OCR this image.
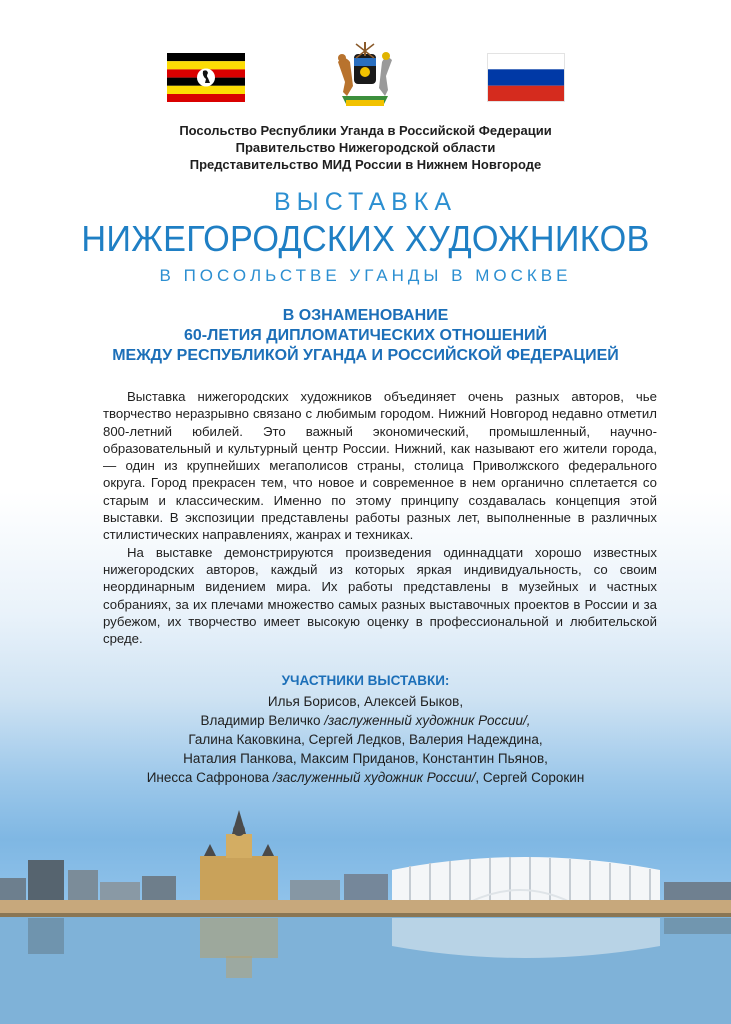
Посольство Республики Уганда в Российской Федерации
Правительство Нижегородской области
Представительство МИД России в Нижнем Новгороде
ВЫСТАВКА
НИЖЕГОРОДСКИХ ХУДОЖНИКОВ
В ПОСОЛЬСТВЕ УГАНДЫ В МОСКВЕ
В ОЗНАМЕНОВАНИЕ
60-ЛЕТИЯ ДИПЛОМАТИЧЕСКИХ ОТНОШЕНИЙ
МЕЖДУ РЕСПУБЛИКОЙ УГАНДА И РОССИЙСКОЙ ФЕДЕРАЦИЕЙ

Выставка нижегородских художников объединяет очень разных авторов, чье творчество неразрывно связано с любимым городом. Нижний Новгород недавно отметил 800-летний юбилей. Это важный экономический, промышленный, научно-образовательный и культурный центр России. Нижний, как называют его жители города, — один из крупнейших мегаполисов страны, столица Приволжского федерального округа. Город прекрасен тем, что новое и современное в нем органично сплетается со старым и классическим. Именно по этому принципу создавалась концепция этой выставки. В экспозиции представлены работы разных лет, выполненные в различных стилистических направлениях, жанрах и техниках.

На выставке демонстрируются произведения одиннадцати хорошо известных нижегородских авторов, каждый из которых яркая индивидуальность, со своим неординарным видением мира. Их работы представлены в музейных и частных собраниях, за их плечами множество самых разных выставочных проектов в России и за рубежом, их творчество имеет высокую оценку в профессиональной и любительской среде.

УЧАСТНИКИ ВЫСТАВКИ:
Илья Борисов, Алексей Быков,
Владимир Величко /заслуженный художник России/,
Галина Каковкина, Сергей Ледков, Валерия Надеждина,
Наталия Панкова, Максим Приданов, Константин Пьянов,
Инесса Сафронова /заслуженный художник России/, Сергей Сорокин
